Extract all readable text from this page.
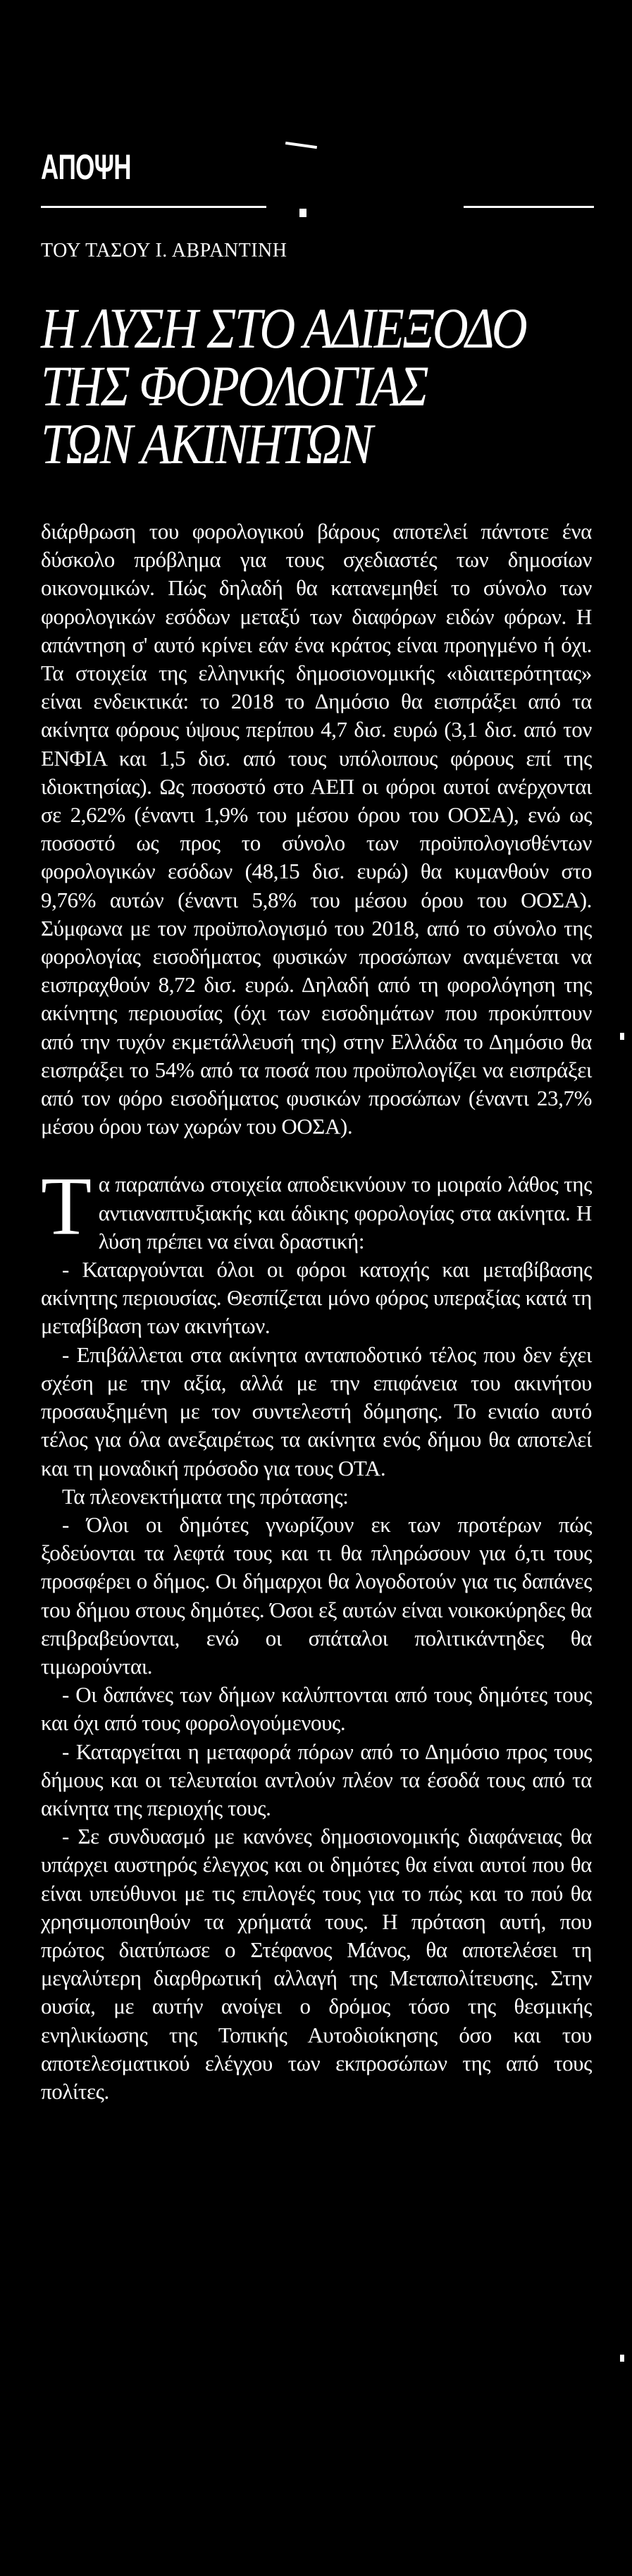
ΑΠΟΨΗ
ΤΟΥ ΤΑΣΟΥ Ι. ΑΒΡΑΝΤΙΝΗ
Η ΛΥΣΗ ΣΤΟ ΑΔΙΕΞΟΔΟ
ΤΗΣ ΦΟΡΟΛΟΓΙΑΣ
ΤΩΝ ΑΚΙΝΗΤΩΝ

διάρθρωση του φορολογικού βάρους αποτελεί πάντοτε ένα δύσκολο πρόβλημα για τους σχεδιαστές των δημοσίων οικονομικών. Πώς δηλαδή θα κατανεμηθεί το σύνολο των φορολογικών εσόδων μεταξύ των διαφόρων ειδών φόρων. Η απάντηση σ' αυτό κρίνει εάν ένα κράτος είναι προηγμένο ή όχι. Τα στοιχεία της ελληνικής δημοσιονομικής «ιδιαιτερότητας» είναι ενδεικτικά: το 2018 το Δημόσιο θα εισπράξει από τα ακίνητα φόρους ύψους περίπου 4,7 δισ. ευρώ (3,1 δισ. από τον ΕΝΦΙΑ και 1,5 δισ. από τους υπόλοιπους φόρους επί της ιδιοκτησίας). Ως ποσοστό στο ΑΕΠ οι φόροι αυτοί ανέρχονται σε 2,62% (έναντι 1,9% του μέσου όρου του ΟΟΣΑ), ενώ ως ποσοστό ως προς το σύνολο των προϋπολογισθέντων φορολογικών εσόδων (48,15 δισ. ευρώ) θα κυμανθούν στο 9,76% αυτών (έναντι 5,8% του μέσου όρου του ΟΟΣΑ). Σύμφωνα με τον προϋπολογισμό του 2018, από το σύνολο της φορολογίας εισοδήματος φυσικών προσώπων αναμένεται να εισπραχθούν 8,72 δισ. ευρώ. Δηλαδή από τη φορολόγηση της ακίνητης περιουσίας (όχι των εισοδημάτων που προκύπτουν από την τυχόν εκμετάλλευσή της) στην Ελλάδα το Δημόσιο θα εισπράξει το 54% από τα ποσά που προϋπολογίζει να εισπράξει από τον φόρο εισοδήματος φυσικών προσώπων (έναντι 23,7% μέσου όρου των χωρών του ΟΟΣΑ).

Τα παραπάνω στοιχεία αποδεικνύουν το μοιραίο λάθος της αντιαναπτυξιακής και άδικης φορολογίας στα ακίνητα. Η λύση πρέπει να είναι δραστική:

- Καταργούνται όλοι οι φόροι κατοχής και μεταβίβασης ακίνητης περιουσίας. Θεσπίζεται μόνο φόρος υπεραξίας κατά τη μεταβίβαση των ακινήτων.

- Επιβάλλεται στα ακίνητα ανταποδοτικό τέλος που δεν έχει σχέση με την αξία, αλλά με την επιφάνεια του ακινήτου προσαυξημένη με τον συντελεστή δόμησης. Το ενιαίο αυτό τέλος για όλα ανεξαιρέτως τα ακίνητα ενός δήμου θα αποτελεί και τη μοναδική πρόσοδο για τους ΟΤΑ.

Τα πλεονεκτήματα της πρότασης:

- Όλοι οι δημότες γνωρίζουν εκ των προτέρων πώς ξοδεύονται τα λεφτά τους και τι θα πληρώσουν για ό,τι τους προσφέρει ο δήμος. Οι δήμαρχοι θα λογοδοτούν για τις δαπάνες του δήμου στους δημότες. Όσοι εξ αυτών είναι νοικοκύρηδες θα επιβραβεύονται, ενώ οι σπάταλοι πολιτικάντηδες θα τιμωρούνται.

- Οι δαπάνες των δήμων καλύπτονται από τους δημότες τους και όχι από τους φορολογούμενους.

- Καταργείται η μεταφορά πόρων από το Δημόσιο προς τους δήμους και οι τελευταίοι αντλούν πλέον τα έσοδά τους από τα ακίνητα της περιοχής τους.

- Σε συνδυασμό με κανόνες δημοσιονομικής διαφάνειας θα υπάρχει αυστηρός έλεγχος και οι δημότες θα είναι αυτοί που θα είναι υπεύθυνοι με τις επιλογές τους για το πώς και το πού θα χρησιμοποιηθούν τα χρήματά τους. Η πρόταση αυτή, που πρώτος διατύπωσε ο Στέφανος Μάνος, θα αποτελέσει τη μεγαλύτερη διαρθρωτική αλλαγή της Μεταπολίτευσης. Στην ουσία, με αυτήν ανοίγει ο δρόμος τόσο της θεσμικής ενηλικίωσης της Τοπικής Αυτοδιοίκησης όσο και του αποτελεσματικού ελέγχου των εκπροσώπων της από τους πολίτες.
